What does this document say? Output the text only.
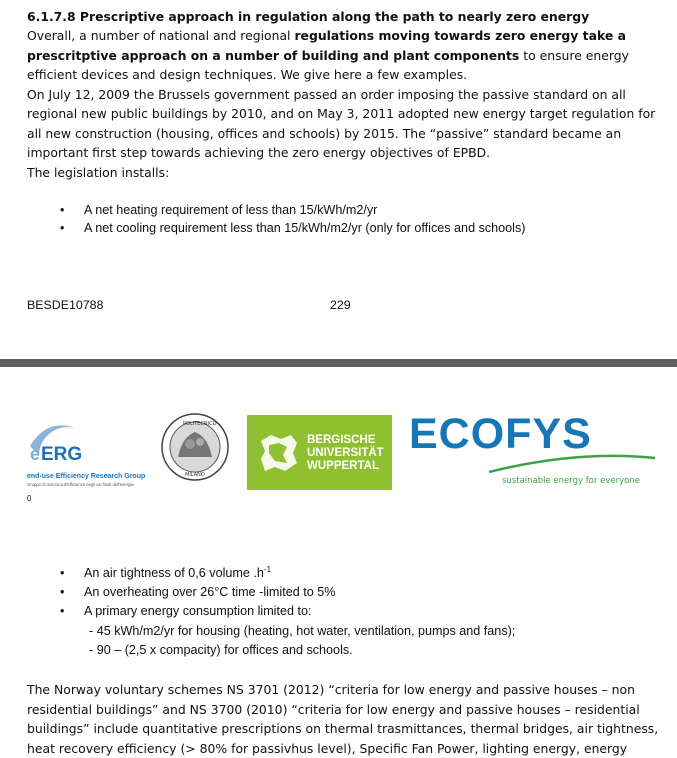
6.1.7.8 Prescriptive approach in regulation along the path to nearly zero energy
Overall, a number of national and regional regulations moving towards zero energy take a
prescritptive approach on a number of building and plant components to ensure energy
efficient devices and design techniques. We give here a few examples.
On July 12, 2009 the Brussels government passed an order imposing the passive standard on all
regional new public buildings by 2010, and on May 3, 2011 adopted new energy target regulation for
all new construction (housing, offices and schools) by 2015. The “passive” standard became an
important first step towards achieving the zero energy objectives of EPBD.
The legislation installs:
• A net heating requirement of less than 15/kWh/m2/yr
• A net cooling requirement less than 15/kWh/m2/yr (only for offices and schools)
BESDE10788	229
e ERG
end-use Efficiency Research Group
Gruppo di ricerca sull'efficienza negli usi finali dell'energia
POLITECNICO
MILANO
BERGISCHE
UNIVERSITÄT
WUPPERTAL
ECOFYS
sustainable energy for everyone
0
• An air tightness of 0,6 volume $.h^{-1}$
• An overheating over 26°C time -limited to 5%
• A primary energy consumption limited to:
- 45 kWh/m2/yr for housing (heating, hot water, ventilation, pumps and fans);
- 90 – (2,5 x compacity) for offices and schools.
The Norway voluntary schemes NS 3701 (2012) “criteria for low energy and passive houses – non
residential buildings” and NS 3700 (2010) “criteria for low energy and passive houses – residential
buildings” include quantitative prescriptions on thermal trasmittances, thermal bridges, air tightness,
heat recovery efficiency (> 80% for passivhus level), Specific Fan Power, lighting energy, energy
